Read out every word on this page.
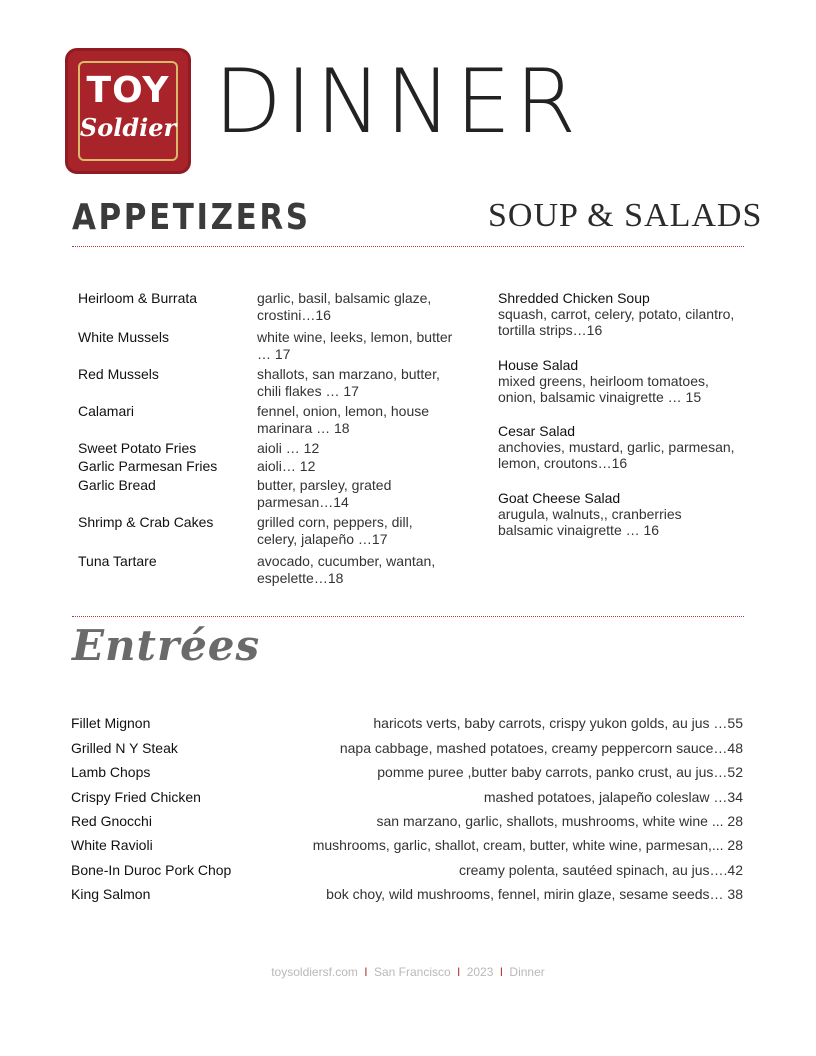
TOY
Soldier DINNER
APPETIZERS	SOUP & SALADS
Heirloom & Burrata	garlic, basil, balsamic glaze, crostini…16
White Mussels	white wine, leeks, lemon, butter … 17
Red Mussels	shallots, san marzano, butter, chili flakes … 17
Calamari	fennel, onion, lemon, house marinara … 18
Sweet Potato Fries	aioli … 12
Garlic Parmesan Fries	aioli… 12
Garlic Bread	butter, parsley, grated parmesan…14
Shrimp & Crab Cakes	grilled corn, peppers, dill, celery, jalapeño …17
Tuna Tartare	avocado, cucumber, wantan, espelette…18
Shredded Chicken Soup
squash, carrot, celery, potato, cilantro, tortilla strips…16
House Salad
mixed greens, heirloom tomatoes, onion, balsamic vinaigrette … 15
Cesar Salad
anchovies, mustard, garlic, parmesan, lemon, croutons…16
Goat Cheese Salad
arugula, walnuts,, cranberries balsamic vinaigrette … 16
Entrées
Fillet Mignon	haricots verts, baby carrots, crispy yukon golds, au jus …55
Grilled N Y Steak	napa cabbage, mashed potatoes, creamy peppercorn sauce…48
Lamb Chops	pomme puree ,butter baby carrots, panko crust, au jus…52
Crispy Fried Chicken	mashed potatoes, jalapeño coleslaw …34
Red Gnocchi	san marzano, garlic, shallots, mushrooms, white wine ... 28
White Ravioli	mushrooms, garlic, shallot, cream, butter, white wine, parmesan,... 28
Bone-In Duroc Pork Chop	creamy polenta, sautéed spinach, au jus….42
King Salmon	bok choy, wild mushrooms, fennel, mirin glaze, sesame seeds… 38
toysoldiersf.com I San Francisco I 2023 I Dinner
